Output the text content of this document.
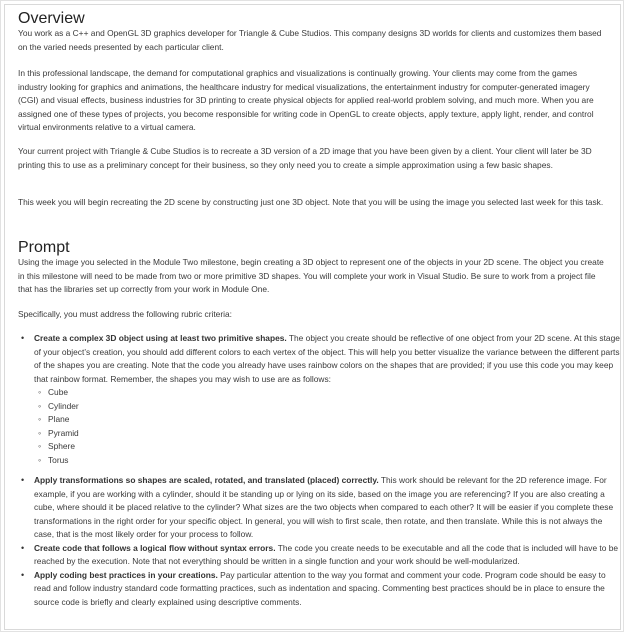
Overview

You work as a C++ and OpenGL 3D graphics developer for Triangle & Cube Studios. This company designs 3D worlds for clients and customizes them based on the varied needs presented by each particular client.

In this professional landscape, the demand for computational graphics and visualizations is continually growing. Your clients may come from the games industry looking for graphics and animations, the healthcare industry for medical visualizations, the entertainment industry for computer-generated imagery (CGI) and visual effects, business industries for 3D printing to create physical objects for applied real-world problem solving, and much more. When you are assigned one of these types of projects, you become responsible for writing code in OpenGL to create objects, apply texture, apply light, render, and control virtual environments relative to a virtual camera.

Your current project with Triangle & Cube Studios is to recreate a 3D version of a 2D image that you have been given by a client. Your client will later be 3D printing this to use as a preliminary concept for their business, so they only need you to create a simple approximation using a few basic shapes.

This week you will begin recreating the 2D scene by constructing just one 3D object. Note that you will be using the image you selected last week for this task.

Prompt

Using the image you selected in the Module Two milestone, begin creating a 3D object to represent one of the objects in your 2D scene. The object you create in this milestone will need to be made from two or more primitive 3D shapes. You will complete your work in Visual Studio. Be sure to work from a project file that has the libraries set up correctly from your work in Module One.

Specifically, you must address the following rubric criteria:

• Create a complex 3D object using at least two primitive shapes. The object you create should be reflective of one object from your 2D scene. At this stage of your object’s creation, you should add different colors to each vertex of the object. This will help you better visualize the variance between the different parts of the shapes you are creating. Note that the code you already have uses rainbow colors on the shapes that are provided; if you use this code you may keep that rainbow format. Remember, the shapes you may wish to use are as follows:
◦ Cube
◦ Cylinder
◦ Plane
◦ Pyramid
◦ Sphere
◦ Torus
• Apply transformations so shapes are scaled, rotated, and translated (placed) correctly. This work should be relevant for the 2D reference image. For example, if you are working with a cylinder, should it be standing up or lying on its side, based on the image you are referencing? If you are also creating a cube, where should it be placed relative to the cylinder? What sizes are the two objects when compared to each other? It will be easier if you complete these transformations in the right order for your specific object. In general, you will wish to first scale, then rotate, and then translate. While this is not always the case, that is the most likely order for your process to follow.
• Create code that follows a logical flow without syntax errors. The code you create needs to be executable and all the code that is included will have to be reached by the execution. Note that not everything should be written in a single function and your work should be well-modularized.
• Apply coding best practices in your creations. Pay particular attention to the way you format and comment your code. Program code should be easy to read and follow industry standard code formatting practices, such as indentation and spacing. Commenting best practices should be in place to ensure the source code is briefly and clearly explained using descriptive comments.
